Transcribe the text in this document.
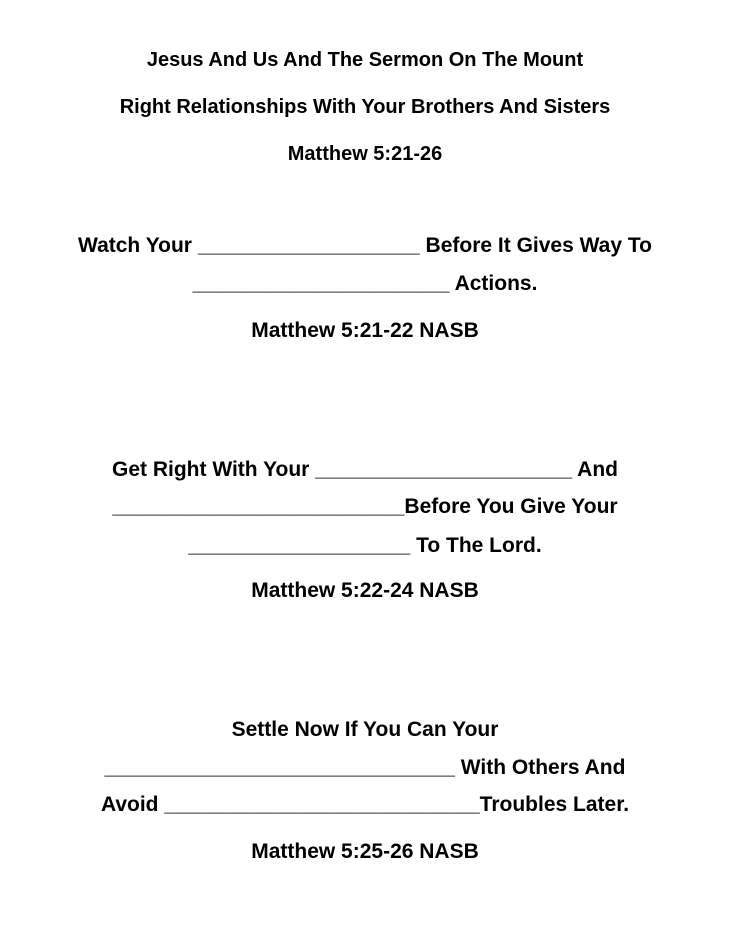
Jesus And Us And The Sermon On The Mount
Right Relationships With Your Brothers And Sisters
Matthew 5:21-26
Watch Your ___________________ Before It Gives Way To
______________________ Actions.
Matthew 5:21-22 NASB
Get Right With Your ______________________ And
_________________________Before You Give Your
___________________ To The Lord.
Matthew 5:22-24 NASB
Settle Now If You Can Your
______________________________ With Others And
Avoid ___________________________Troubles Later.
Matthew 5:25-26 NASB
